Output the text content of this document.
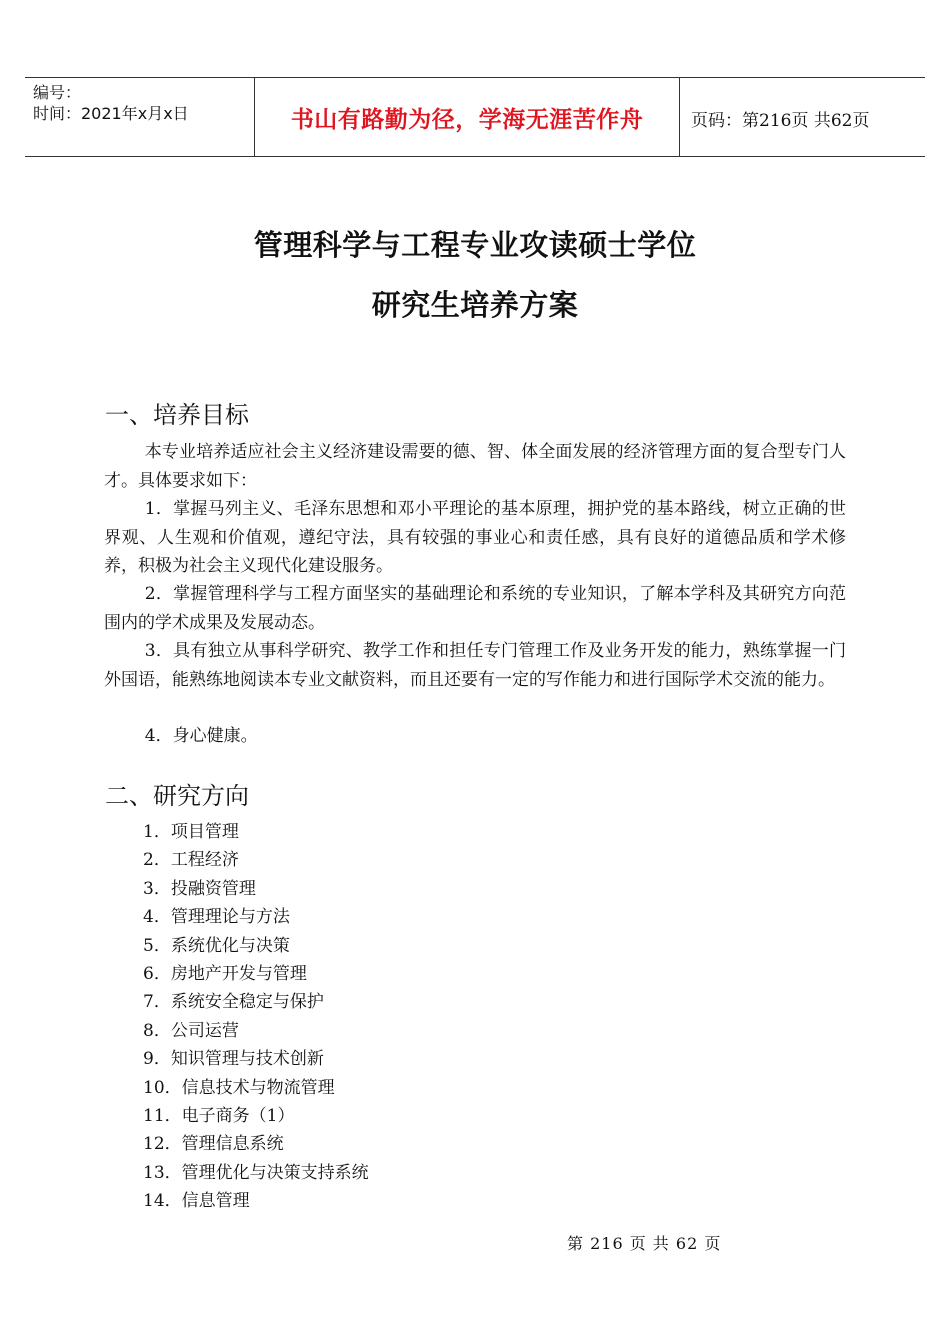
编号：
时间：2021年x月x日	书山有路勤为径，学海无涯苦作舟	页码：第216页 共62页
管理科学与工程专业攻读硕士学位
研究生培养方案
一、培养目标

本专业培养适应社会主义经济建设需要的德、智、体全面发展的经济管理方面的复合型专门人才。具体要求如下：

1．掌握马列主义、毛泽东思想和邓小平理论的基本原理，拥护党的基本路线，树立正确的世界观、人生观和价值观，遵纪守法，具有较强的事业心和责任感，具有良好的道德品质和学术修养，积极为社会主义现代化建设服务。

2．掌握管理科学与工程方面坚实的基础理论和系统的专业知识，了解本学科及其研究方向范围内的学术成果及发展动态。

3．具有独立从事科学研究、教学工作和担任专门管理工作及业务开发的能力，熟练掌握一门外国语，能熟练地阅读本专业文献资料，而且还要有一定的写作能力和进行国际学术交流的能力。

4．身心健康。

二、研究方向
1．项目管理
2．工程经济
3．投融资管理
4．管理理论与方法
5．系统优化与决策
6．房地产开发与管理
7．系统安全稳定与保护
8．公司运营
9．知识管理与技术创新
10．信息技术与物流管理
11．电子商务（1）
12．管理信息系统
13．管理优化与决策支持系统
14．信息管理
第 216 页 共 62 页
